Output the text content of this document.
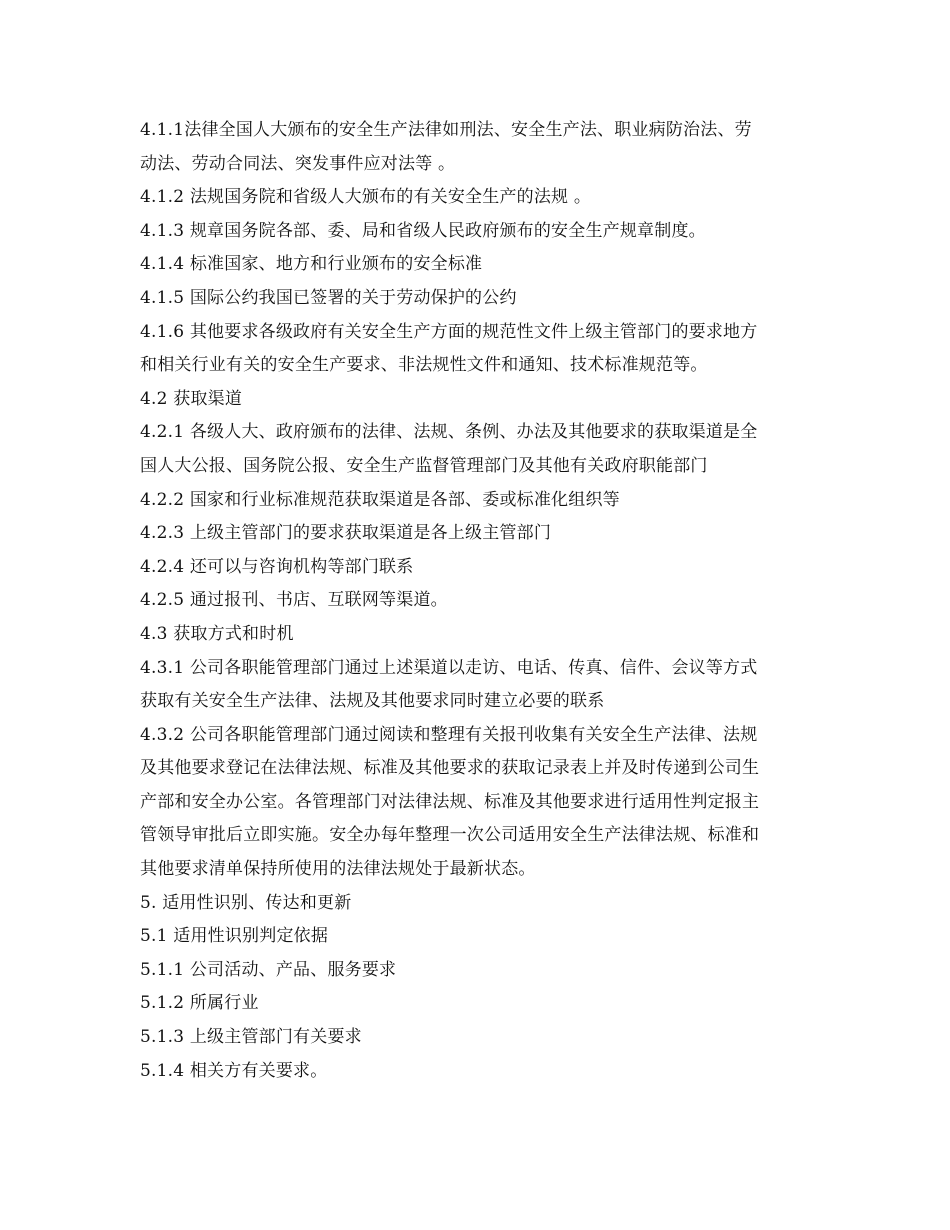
4.1.1法律全国人大颁布的安全生产法律如刑法、安全生产法、职业病防治法、劳
动法、劳动合同法、突发事件应对法等 。
4.1.2 法规国务院和省级人大颁布的有关安全生产的法规 。
4.1.3 规章国务院各部、委、局和省级人民政府颁布的安全生产规章制度。
4.1.4 标准国家、地方和行业颁布的安全标准
4.1.5 国际公约我国已签署的关于劳动保护的公约
4.1.6 其他要求各级政府有关安全生产方面的规范性文件上级主管部门的要求地方
和相关行业有关的安全生产要求、非法规性文件和通知、技术标准规范等。
4.2 获取渠道
4.2.1 各级人大、政府颁布的法律、法规、条例、办法及其他要求的获取渠道是全
国人大公报、国务院公报、安全生产监督管理部门及其他有关政府职能部门
4.2.2 国家和行业标准规范获取渠道是各部、委或标准化组织等
4.2.3 上级主管部门的要求获取渠道是各上级主管部门
4.2.4 还可以与咨询机构等部门联系
4.2.5 通过报刊、书店、互联网等渠道。
4.3 获取方式和时机
4.3.1 公司各职能管理部门通过上述渠道以走访、电话、传真、信件、会议等方式
获取有关安全生产法律、法规及其他要求同时建立必要的联系
4.3.2 公司各职能管理部门通过阅读和整理有关报刊收集有关安全生产法律、法规
及其他要求登记在法律法规、标准及其他要求的获取记录表上并及时传递到公司生
产部和安全办公室。各管理部门对法律法规、标准及其他要求进行适用性判定报主
管领导审批后立即实施。安全办每年整理一次公司适用安全生产法律法规、标准和
其他要求清单保持所使用的法律法规处于最新状态。
5. 适用性识别、传达和更新
5.1 适用性识别判定依据
5.1.1 公司活动、产品、服务要求
5.1.2 所属行业
5.1.3 上级主管部门有关要求
5.1.4 相关方有关要求。
